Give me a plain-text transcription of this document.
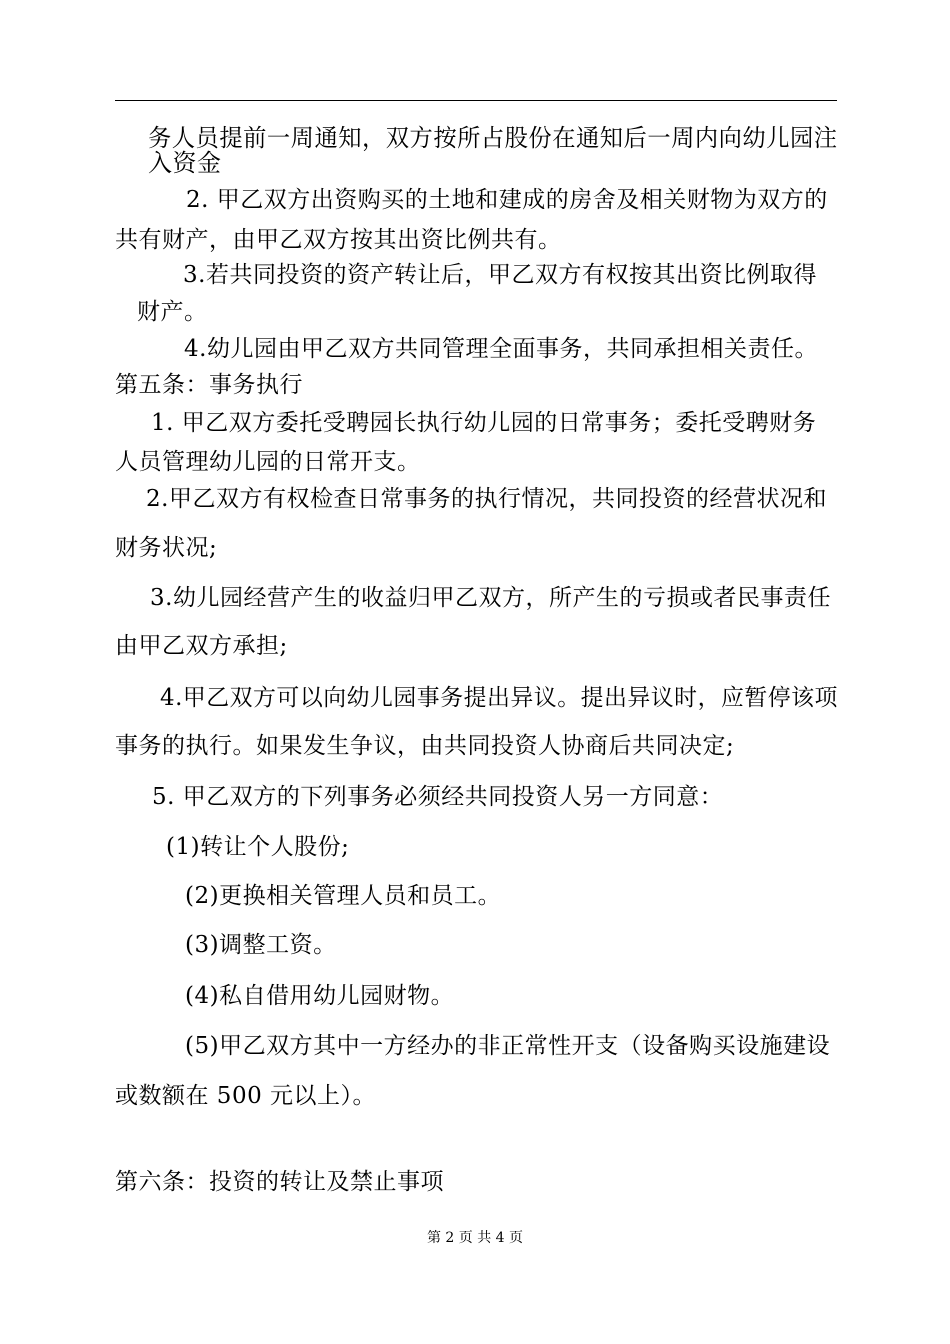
务人员提前一周通知，双方按所占股份在通知后一周内向幼儿园注
入资金
2. 甲乙双方出资购买的土地和建成的房舍及相关财物为双方的
共有财产，由甲乙双方按其出资比例共有。
3.若共同投资的资产转让后，甲乙双方有权按其出资比例取得
财产。
4.幼儿园由甲乙双方共同管理全面事务，共同承担相关责任。
第五条：事务执行
1. 甲乙双方委托受聘园长执行幼儿园的日常事务；委托受聘财务
人员管理幼儿园的日常开支。
2.甲乙双方有权检查日常事务的执行情况，共同投资的经营状况和
财务状况;
3.幼儿园经营产生的收益归甲乙双方，所产生的亏损或者民事责任
由甲乙双方承担;
4.甲乙双方可以向幼儿园事务提出异议。提出异议时，应暂停该项
事务的执行。如果发生争议，由共同投资人协商后共同决定;
5. 甲乙双方的下列事务必须经共同投资人另一方同意：
(1)转让个人股份;
(2)更换相关管理人员和员工。
(3)调整工资。
(4)私自借用幼儿园财物。
(5)甲乙双方其中一方经办的非正常性开支（设备购买设施建设
或数额在 500 元以上）。
第六条：投资的转让及禁止事项
第 2 页 共 4 页
